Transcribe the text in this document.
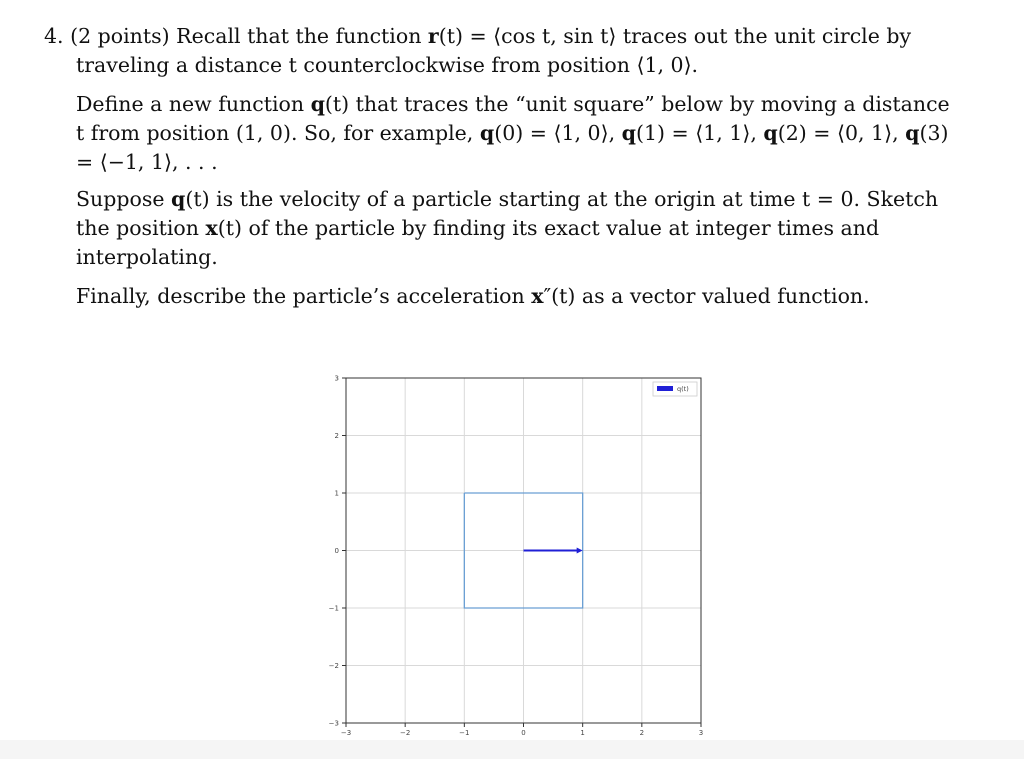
4. (2 points) Recall that the function r(t) = ⟨cos t, sin t⟩ traces out the unit circle by traveling a distance t counterclockwise from position ⟨1, 0⟩.

Define a new function q(t) that traces the “unit square” below by moving a distance t from position (1, 0). So, for example, q(0) = ⟨1, 0⟩, q(1) = ⟨1, 1⟩, q(2) = ⟨0, 1⟩, q(3) = ⟨−1, 1⟩, . . .

Suppose q(t) is the velocity of a particle starting at the origin at time t = 0. Sketch the position x(t) of the particle by finding its exact value at integer times and interpolating.

Finally, describe the particle’s acceleration x″(t) as a vector valued function.

−3	−2	−1	0	1	2	3
3
2
1
0
−1
−2
−3
q(t)
